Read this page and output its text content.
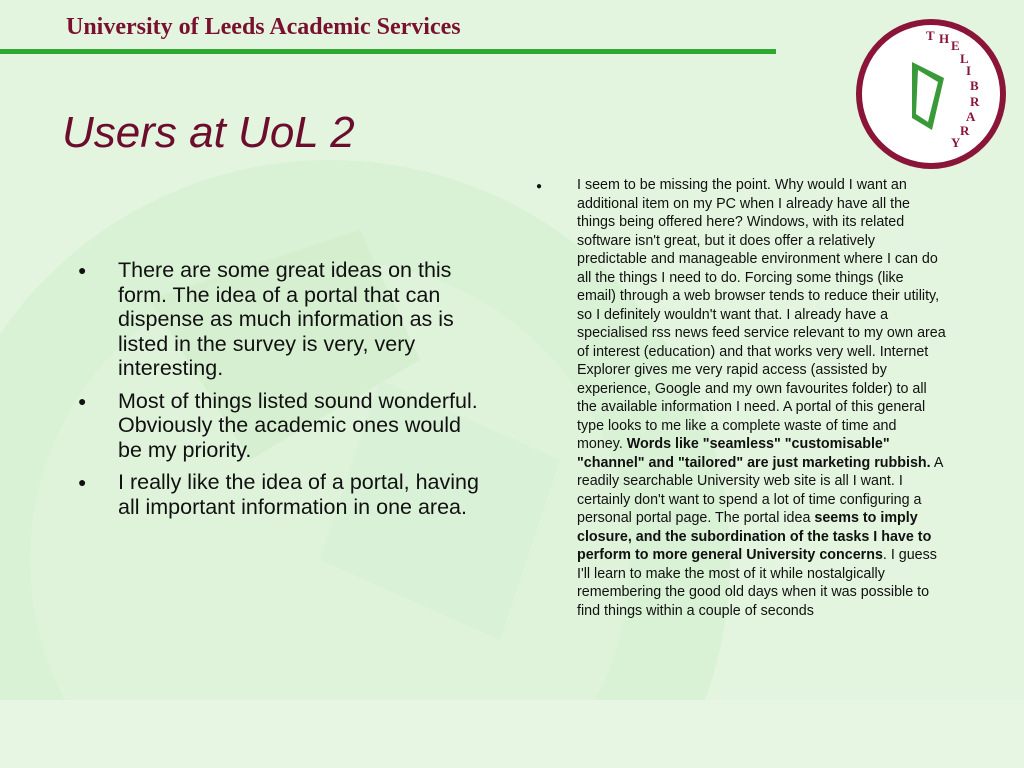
University of Leeds Academic Services	T H E
L
I
B
R
A
R
Y
Users at UoL 2
● There are some great ideas on this form. The idea of a portal that can dispense as much information as is listed in the survey is very, very interesting.
● Most of things listed sound wonderful. Obviously the academic ones would be my priority.
● I really like the idea of a portal, having all important information in one area.
● I seem to be missing the point. Why would I want an additional item on my PC when I already have all the things being offered here? Windows, with its related software isn't great, but it does offer a relatively predictable and manageable environment where I can do all the things I need to do. Forcing some things (like email) through a web browser tends to reduce their utility, so I definitely wouldn't want that. I already have a specialised rss news feed service relevant to my own area of interest (education) and that works very well. Internet Explorer gives me very rapid access (assisted by experience, Google and my own favourites folder) to all the available information I need. A portal of this general type looks to me like a complete waste of time and money. Words like "seamless" "customisable" "channel" and "tailored" are just marketing rubbish. A readily searchable University web site is all I want. I certainly don't want to spend a lot of time configuring a personal portal page. The portal idea seems to imply closure, and the subordination of the tasks I have to perform to more general University concerns. I guess I'll learn to make the most of it while nostalgically remembering the good old days when it was possible to find things within a couple of seconds
